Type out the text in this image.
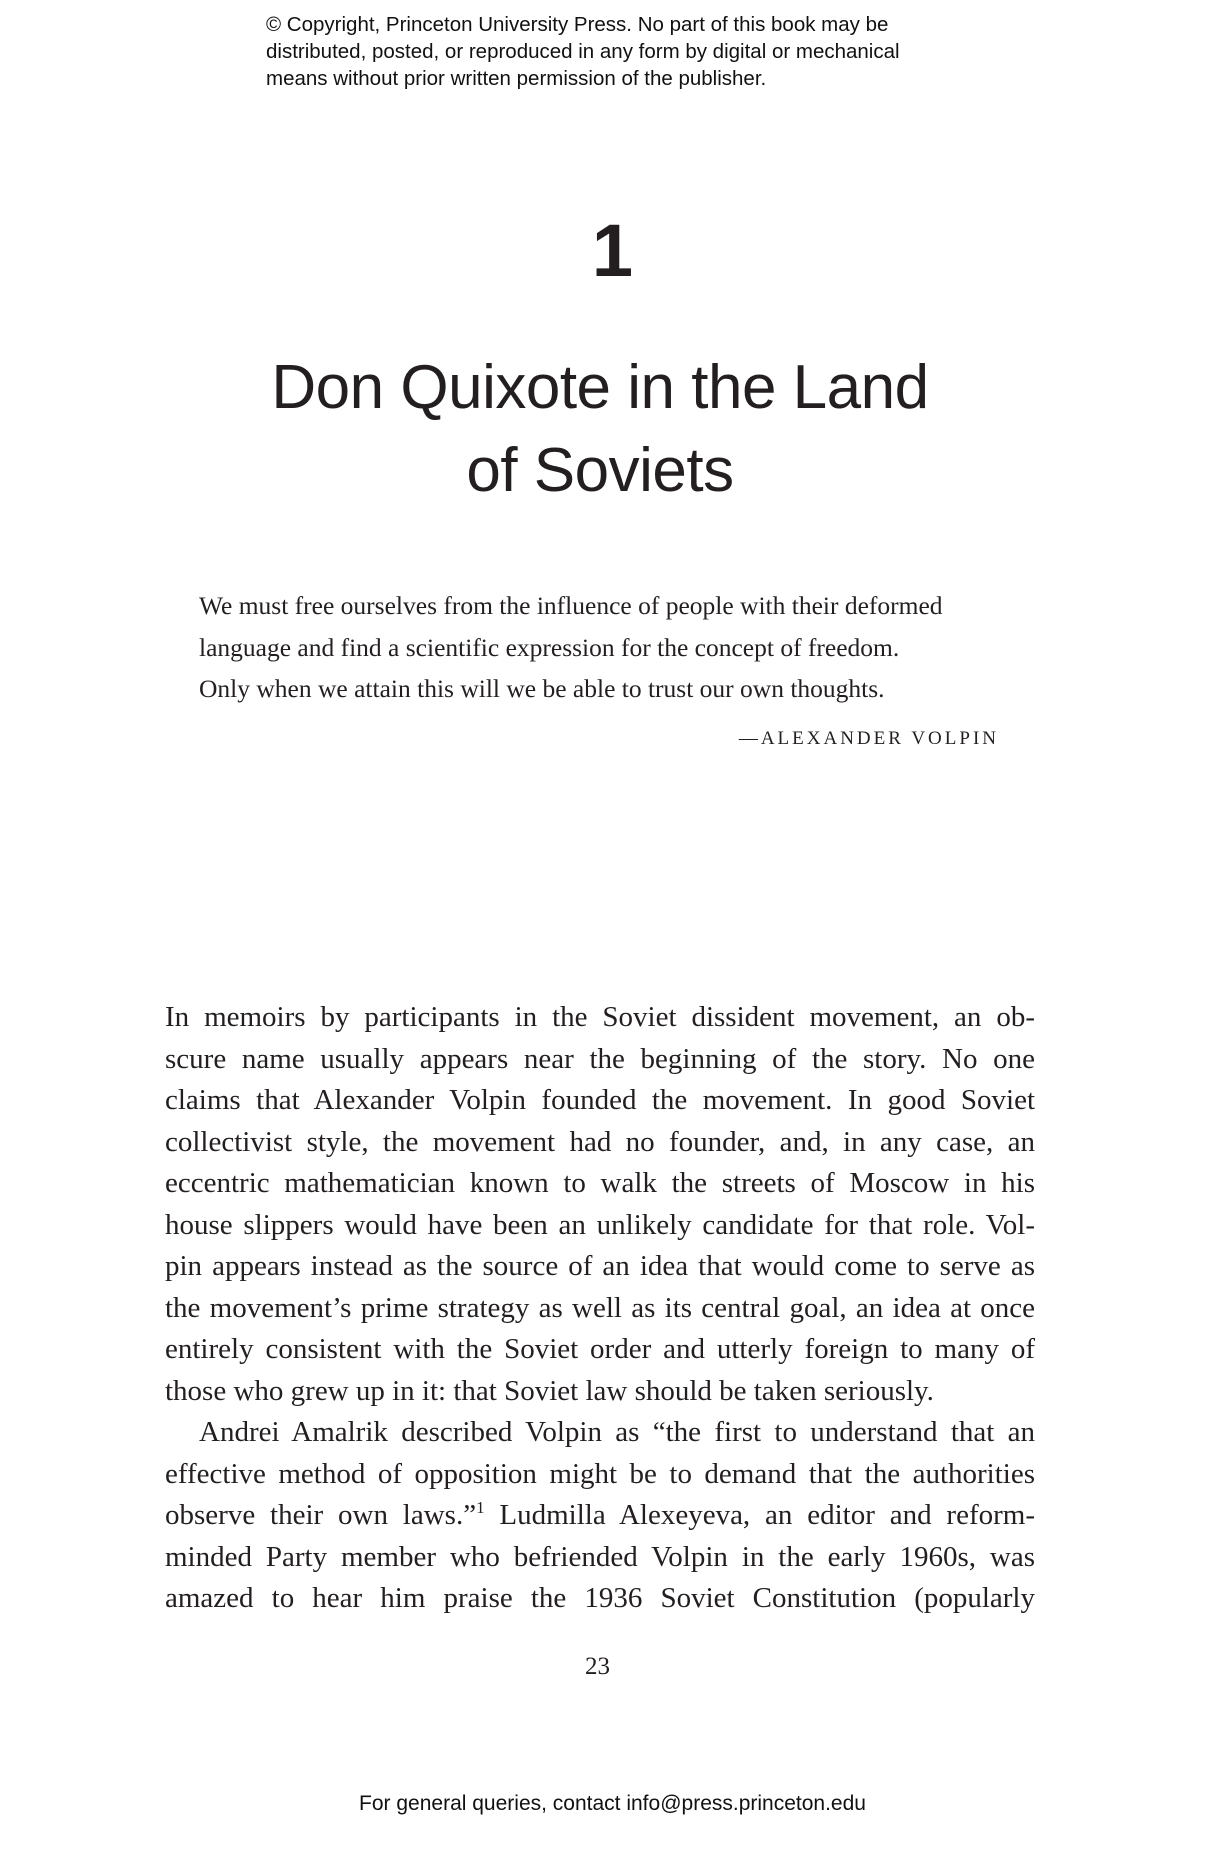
© Copyright, Princeton University Press. No part of this book may be
distributed, posted, or reproduced in any form by digital or mechanical
means without prior written permission of the publisher.
1
Don Quixote in the Land
of Soviets

We must free ourselves from the influence of people with their deformed

language and find a scientific expression for the concept of freedom.

Only when we attain this will we be able to trust our own thoughts.

—ALEXANDER VOLPIN
In memoirs by participants in the Soviet dissident movement, an ob-
scure name usually appears near the beginning of the story. No one
claims that Alexander Volpin founded the movement. In good Soviet
collectivist style, the movement had no founder, and, in any case, an
eccentric mathematician known to walk the streets of Moscow in his
house slippers would have been an unlikely candidate for that role. Vol-
pin appears instead as the source of an idea that would come to serve as
the movement’s prime strategy as well as its central goal, an idea at once
entirely consistent with the Soviet order and utterly foreign to many of
those who grew up in it: that Soviet law should be taken seriously.
Andrei Amalrik described Volpin as “the first to understand that an
effective method of opposition might be to demand that the authorities
observe their own laws.”$^1$ Ludmilla Alexeyeva, an editor and reform-
minded Party member who befriended Volpin in the early 1960s, was
amazed to hear him praise the 1936 Soviet Constitution (popularly
23
For general queries, contact info@press.princeton.edu
